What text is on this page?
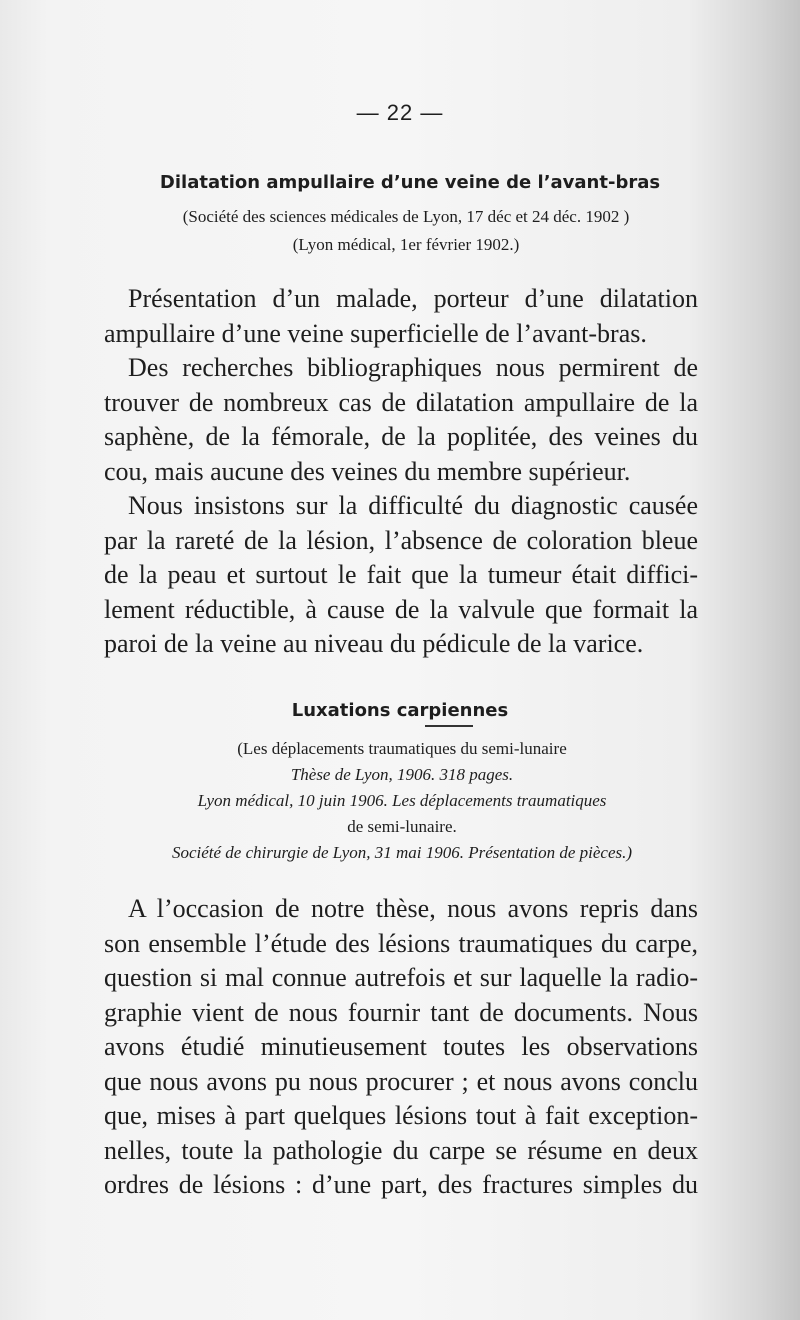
— 22 —
Dilatation ampullaire d’une veine de l’avant-bras
(Société des sciences médicales de Lyon, 17 déc et 24 déc. 1902 )
(Lyon médical, 1er février 1902.)
Présentation d’un malade, porteur d’une dilatation
ampullaire d’une veine superficielle de l’avant-bras.
Des recherches bibliographiques nous permirent de
trouver de nombreux cas de dilatation ampullaire de la
saphène, de la fémorale, de la poplitée, des veines du
cou, mais aucune des veines du membre supérieur.
Nous insistons sur la difficulté du diagnostic causée
par la rareté de la lésion, l’absence de coloration bleue
de la peau et surtout le fait que la tumeur était diffici-
lement réductible, à cause de la valvule que formait la
paroi de la veine au niveau du pédicule de la varice.
Luxations carpiennes
(Les déplacements traumatiques du semi-lunaire
Thèse de Lyon, 1906. 318 pages.
Lyon médical, 10 juin 1906. Les déplacements traumatiques
de semi-lunaire.
Société de chirurgie de Lyon, 31 mai 1906. Présentation de pièces.)
A l’occasion de notre thèse, nous avons repris dans
son ensemble l’étude des lésions traumatiques du carpe,
question si mal connue autrefois et sur laquelle la radio-
graphie vient de nous fournir tant de documents. Nous
avons étudié minutieusement toutes les observations
que nous avons pu nous procurer ; et nous avons conclu
que, mises à part quelques lésions tout à fait exception-
nelles, toute la pathologie du carpe se résume en deux
ordres de lésions : d’une part, des fractures simples du
